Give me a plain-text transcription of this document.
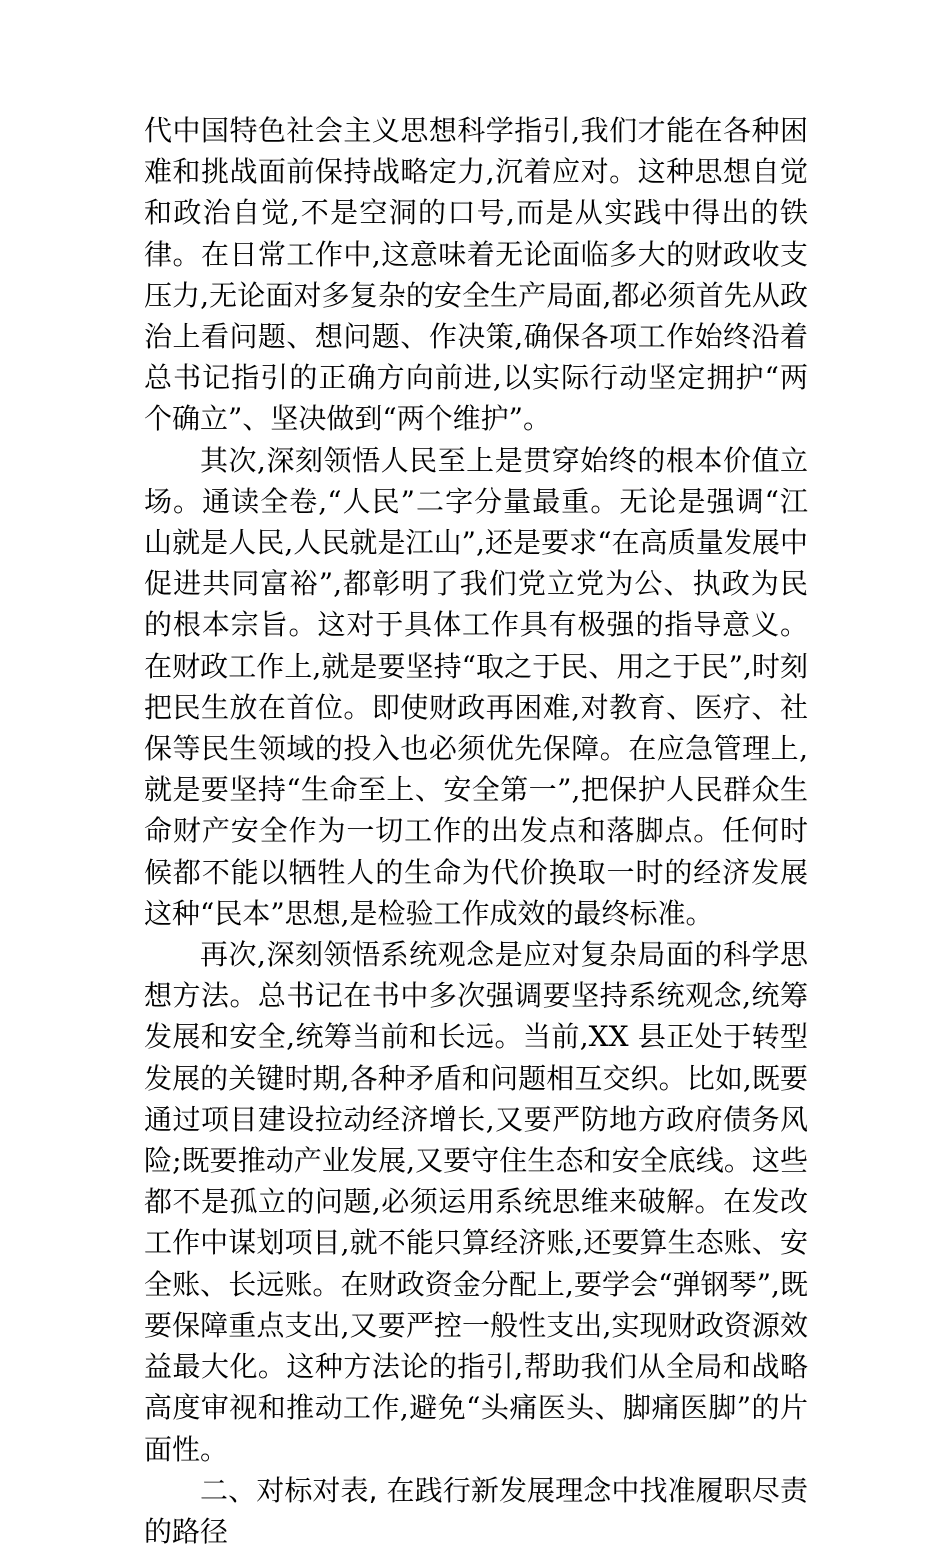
代中国特色社会主义思想科学指引,我们才能在各种困难和挑战面前保持战略定力,沉着应对。这种思想自觉和政治自觉,不是空洞的口号,而是从实践中得出的铁律。在日常工作中,这意味着无论面临多大的财政收支压力,无论面对多复杂的安全生产局面,都必须首先从政治上看问题、想问题、作决策,确保各项工作始终沿着总书记指引的正确方向前进,以实际行动坚定拥护“两个确立”、坚决做到“两个维护”。

其次,深刻领悟人民至上是贯穿始终的根本价值立场。通读全卷,“人民”二字分量最重。无论是强调“江山就是人民,人民就是江山”,还是要求“在高质量发展中促进共同富裕”,都彰明了我们党立党为公、执政为民的根本宗旨。这对于具体工作具有极强的指导意义。在财政工作上,就是要坚持“取之于民、用之于民”,时刻把民生放在首位。即使财政再困难,对教育、医疗、社保等民生领域的投入也必须优先保障。在应急管理上,就是要坚持“生命至上、安全第一”,把保护人民群众生命财产安全作为一切工作的出发点和落脚点。任何时候都不能以牺牲人的生命为代价换取一时的经济发展这种“民本”思想,是检验工作成效的最终标准。

再次,深刻领悟系统观念是应对复杂局面的科学思想方法。总书记在书中多次强调要坚持系统观念,统筹发展和安全,统筹当前和长远。当前,XX 县正处于转型发展的关键时期,各种矛盾和问题相互交织。比如,既要通过项目建设拉动经济增长,又要严防地方政府债务风险;既要推动产业发展,又要守住生态和安全底线。这些都不是孤立的问题,必须运用系统思维来破解。在发改工作中谋划项目,就不能只算经济账,还要算生态账、安全账、长远账。在财政资金分配上,要学会“弹钢琴”,既要保障重点支出,又要严控一般性支出,实现财政资源效益最大化。这种方法论的指引,帮助我们从全局和战略高度审视和推动工作,避免“头痛医头、脚痛医脚”的片面性。

二、对标对表, 在践行新发展理念中找准履职尽责的路径
